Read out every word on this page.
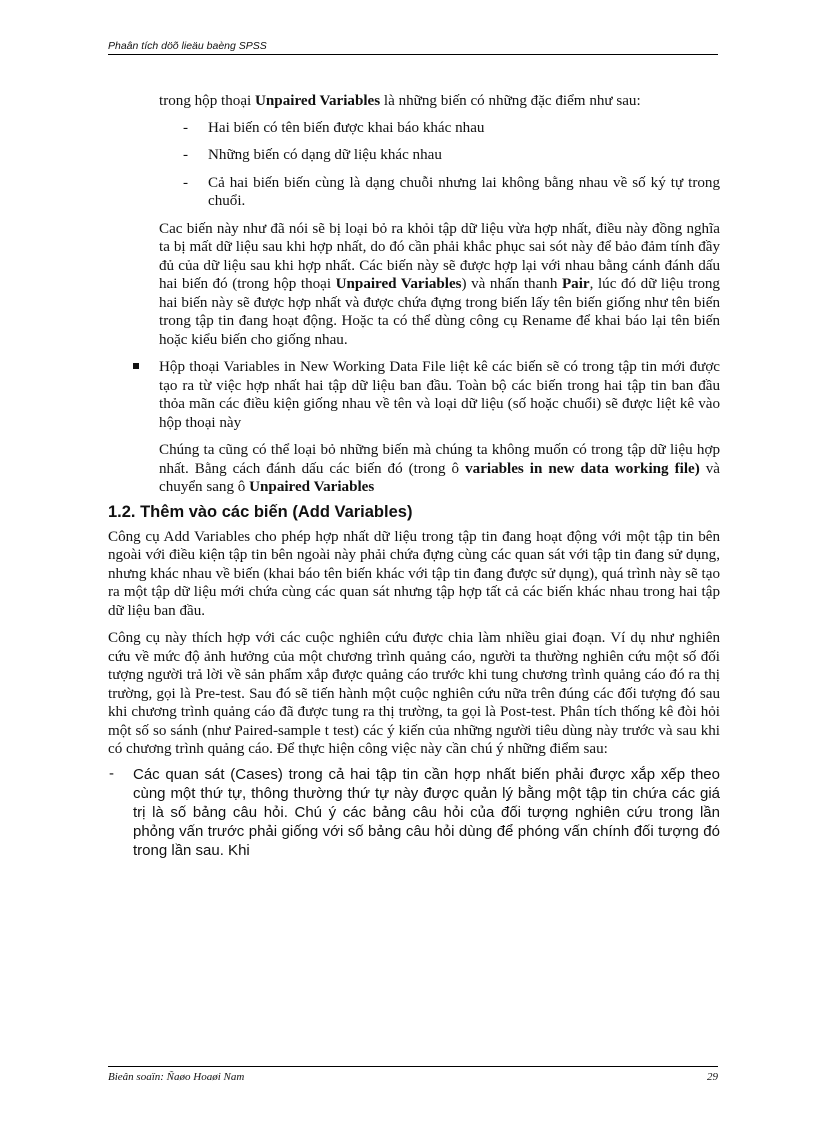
Phaân tích döõ lieäu baèng SPSS

trong hộp thoại Unpaired Variables là những biến có những đặc điểm như sau:

- Hai biến có tên biến được khai báo khác nhau
- Những biến có dạng dữ liệu khác nhau
- Cả hai biến biến cùng là dạng chuỗi nhưng lai không bằng nhau về số ký tự trong chuổi.

Cac biến này như đã nói sẽ bị loại bỏ ra khỏi tập dữ liệu vừa hợp nhất, điều này đồng nghĩa ta bị mất dữ liệu sau khi hợp nhất, do đó cần phải khắc phục sai sót này để bảo đảm tính đầy đủ của dữ liệu sau khi hợp nhất. Các biến này sẽ được hợp lại với nhau bằng cánh đánh dấu hai biến đó (trong hộp thoại Unpaired Variables) và nhấn thanh Pair, lúc đó dữ liệu trong hai biến này sẽ được hợp nhất và được chứa đựng trong biến lấy tên biến giống như tên biến trong tập tin đang hoạt động. Hoặc ta có thể dùng công cụ Rename để khai báo lại tên biến hoặc kiểu biến cho giống nhau.

Hộp thoại Variables in New Working Data File liệt kê các biến sẽ có trong tập tin mới được tạo ra từ việc hợp nhất hai tập dữ liệu ban đầu. Toàn bộ các biến trong hai tập tin ban đầu thỏa mãn các điều kiện giống nhau về tên và loại dữ liệu (số hoặc chuổi) sẽ được liệt kê vào hộp thoại này

Chúng ta cũng có thể loại bỏ những biến mà chúng ta không muốn có trong tập dữ liệu hợp nhất. Bằng cách đánh dấu các biến đó (trong ô variables in new data working file) và chuyển sang ô Unpaired Variables

1.2. Thêm vào các biến (Add Variables)

Công cụ Add Variables cho phép hợp nhất dữ liệu trong tập tin đang hoạt động với một tập tin bên ngoài với điều kiện tập tin bên ngoài này phải chứa đựng cùng các quan sát với tập tin đang sử dụng, nhưng khác nhau về biến (khai báo tên biến khác với tập tin đang được sử dụng), quá trình này sẽ tạo ra một tập dữ liệu mới chứa cùng các quan sát nhưng tập hợp tất cả các biến khác nhau trong hai tập dữ liệu ban đầu.

Công cụ này thích hợp với các cuộc nghiên cứu được chia làm nhiều giai đoạn. Ví dụ như nghiên cứu về mức độ ảnh hưởng của một chương trình quảng cáo, người ta thường nghiên cứu một số đối tượng người trả lời về sản phẩm xắp được quảng cáo trước khi tung chương trình quảng cáo đó ra thị trường, gọi là Pre-test. Sau đó sẽ tiến hành một cuộc nghiên cứu nữa trên đúng các đối tượng đó sau khi chương trình quảng cáo đã được tung ra thị trường, ta gọi là Post-test. Phân tích thống kê đòi hỏi một số so sánh (như Paired-sample t test) các ý kiến của những người tiêu dùng này trước và sau khi có chương trình quảng cáo. Để thực hiện công việc này cần chú ý những điểm sau:

- Các quan sát (Cases) trong cả hai tập tin cần hợp nhất biến phải được xắp xếp theo cùng một thứ tự, thông thường thứ tự này được quản lý bằng một tập tin chứa các giá trị là số bảng câu hỏi. Chú ý các bảng câu hỏi của đối tượng nghiên cứu trong lần phỏng vấn trước phải giống với số bảng câu hỏi dùng để phóng vấn chính đối tượng đó trong lần sau. Khi

Bieân soaïn: Ñaøo Hoaøi Nam	29
